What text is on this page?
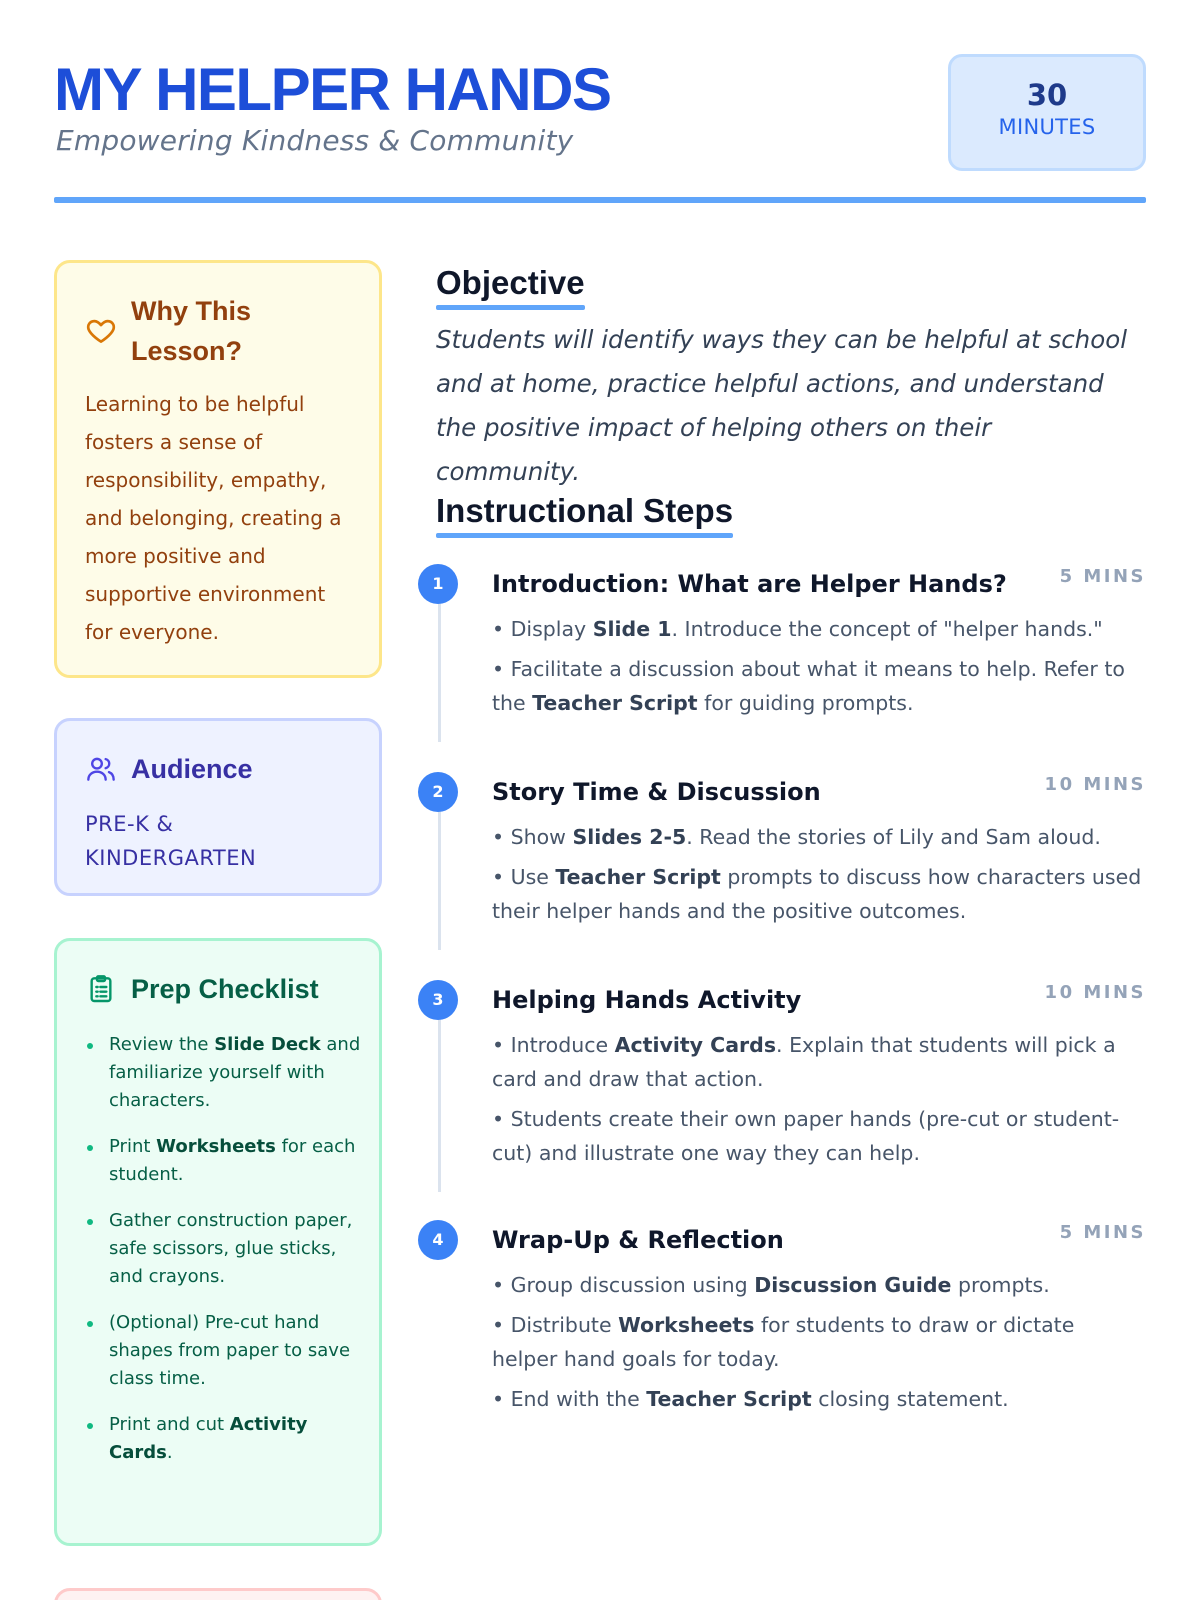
MY HELPER HANDS
Empowering Kindness & Community
30
MINUTES
Why This Lesson?
Learning to be helpful fosters a sense of responsibility, empathy, and belonging, creating a more positive and supportive environment for everyone.
Audience
PRE-K & KINDERGARTEN
Prep Checklist
Review the Slide Deck and familiarize yourself with characters.
Print Worksheets for each student.
Gather construction paper, safe scissors, glue sticks, and crayons.
(Optional) Pre-cut hand shapes from paper to save class time.
Print and cut Activity Cards.
Objective
Students will identify ways they can be helpful at school and at home, practice helpful actions, and understand the positive impact of helping others on their community.
Instructional Steps
1	Introduction: What are Helper Hands?	5 MINS

• Display Slide 1. Introduce the concept of "helper hands."

• Facilitate a discussion about what it means to help. Refer to the Teacher Script for guiding prompts.

2	Story Time & Discussion	10 MINS

• Show Slides 2-5. Read the stories of Lily and Sam aloud.

• Use Teacher Script prompts to discuss how characters used their helper hands and the positive outcomes.

3	Helping Hands Activity	10 MINS

• Introduce Activity Cards. Explain that students will pick a card and draw that action.

• Students create their own paper hands (pre-cut or student-cut) and illustrate one way they can help.

4	Wrap-Up & Reflection	5 MINS

• Group discussion using Discussion Guide prompts.

• Distribute Worksheets for students to draw or dictate helper hand goals for today.

• End with the Teacher Script closing statement.
